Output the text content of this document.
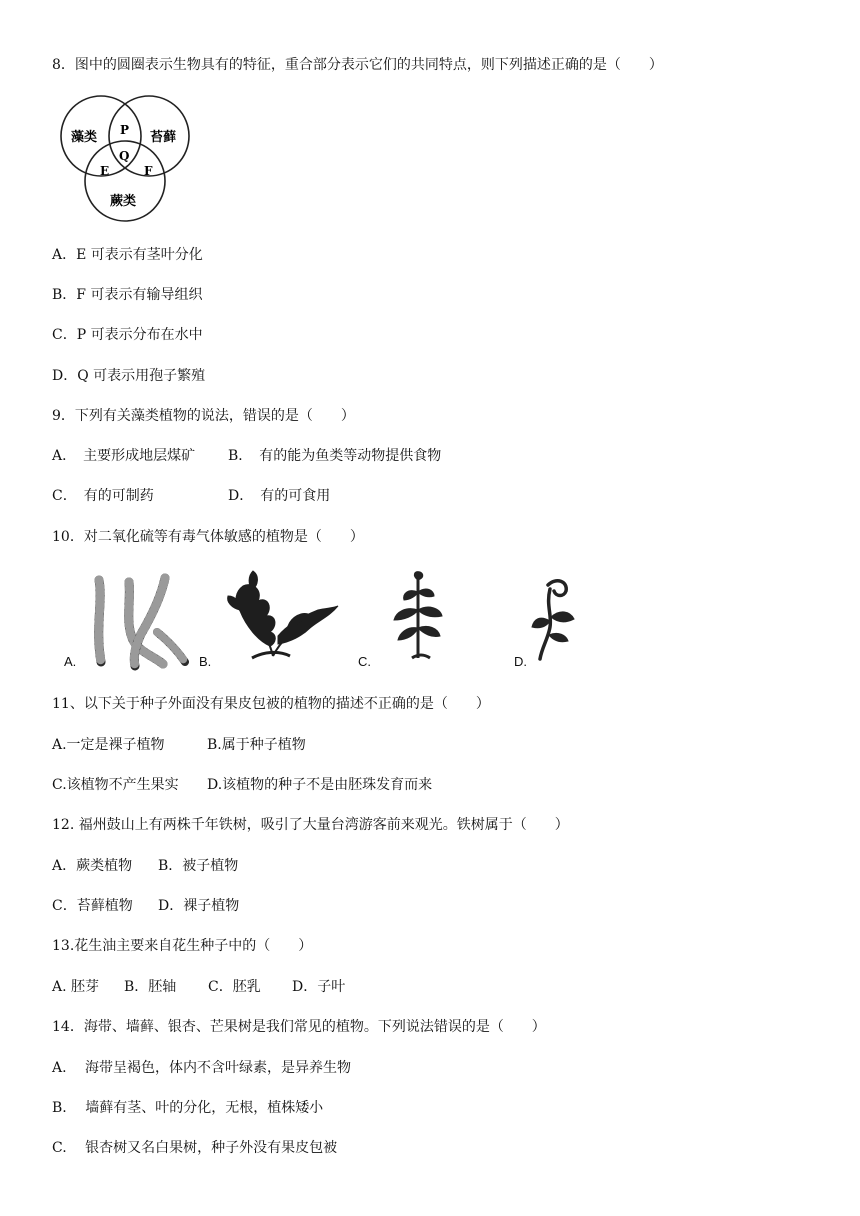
8．图中的圆圈表示生物具有的特征，重合部分表示它们的共同特点，则下列描述正确的是（　　）
藻类	苔藓
蕨类
P
Q
E	F
A．E 可表示有茎叶分化
B．F 可表示有输导组织
C．P 可表示分布在水中
D．Q 可表示用孢子繁殖
9．下列有关藻类植物的说法，错误的是（　　）
A．　主要形成地层煤矿 B．　有的能为鱼类等动物提供食物
C．　有的可制药	D．　有的可食用
10．对二氧化硫等有毒气体敏感的植物是（　　）
A.	B.	C.	D.
11、以下关于种子外面没有果皮包被的植物的描述不正确的是（　　）
A.一定是裸子植物	B.属于种子植物
C.该植物不产生果实 D.该植物的种子不是由胚珠发育而来
12. 福州鼓山上有两株千年铁树，吸引了大量台湾游客前来观光。铁树属于（　　）
A．蕨类植物 B．被子植物
C．苔藓植物 D．裸子植物
13.花生油主要来自花生种子中的（　　）
A. 胚芽 B．胚轴 C．胚乳 D．子叶
14．海带、墙藓、银杏、芒果树是我们常见的植物。下列说法错误的是（　　）
A.　 海带呈褐色，体内不含叶绿素，是异养生物
B.　 墙藓有茎、叶的分化，无根，植株矮小
C.　 银杏树又名白果树，种子外没有果皮包被
